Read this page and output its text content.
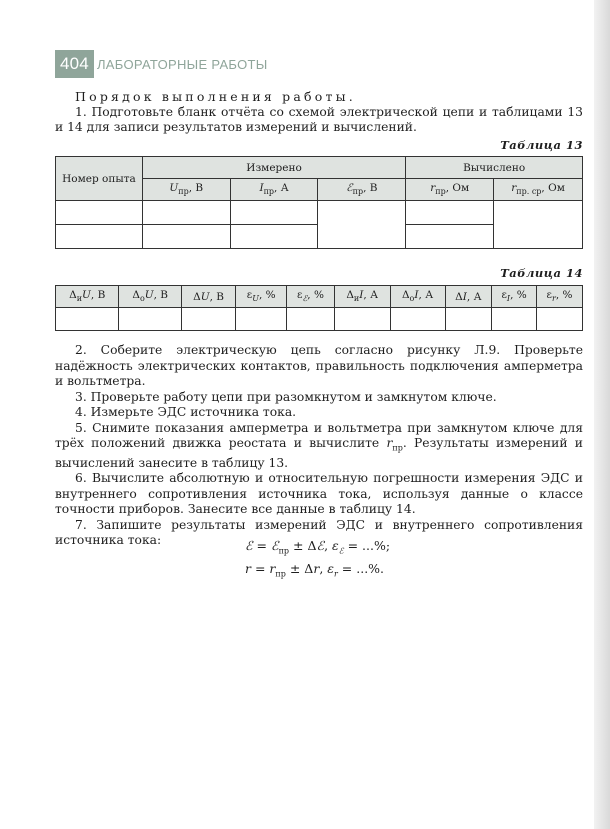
404 ЛАБОРАТОРНЫЕ РАБОТЫ

Порядок выполнения работы.

1. Подготовьте бланк отчёта со схемой электрической цепи и таблицами 13 и 14 для записи результатов измерений и вычислений.

Таблица 13
Номер опыта	Измерено			Вычислено	
	$U_{пр}$, В	$I_{пр}$, А	ℰ$_{пр}$, В	$r_{пр}$, Ом	$r_{пр. ср}$, Ом

Таблица 14
$\Delta_иU$, В	$\Delta_оU$, В	ΔU, В	$\varepsilon_U$, %	$\varepsilon_ℰ$, %	$\Delta_иI$, А	$\Delta_оI$, А	ΔI, А	$\varepsilon_I$, %	$\varepsilon_r$, %

2. Соберите электрическую цепь согласно рисунку Л.9. Проверьте надёжность электрических контактов, правильность подключения амперметра и вольтметра.

3. Проверьте работу цепи при разомкнутом и замкнутом ключе.

4. Измерьте ЭДС источника тока.

5. Снимите показания амперметра и вольтметра при замкнутом ключе для трёх положений движка реостата и вычислите $r_{пр}$. Результаты измерений и вычислений занесите в таблицу 13.

6. Вычислите абсолютную и относительную погрешности измерения ЭДС и внутреннего сопротивления источника тока, используя данные о классе точности приборов. Занесите все данные в таблицу 14.

7. Запишите результаты измерений ЭДС и внутреннего сопротивления источника тока:	ℰ = ℰ$_{пр}$ ± Δℰ, $\varepsilon_ℰ$ = ...%;
$r = r_{пр} \pm \Delta r$, $\varepsilon_r$ = ...%.
